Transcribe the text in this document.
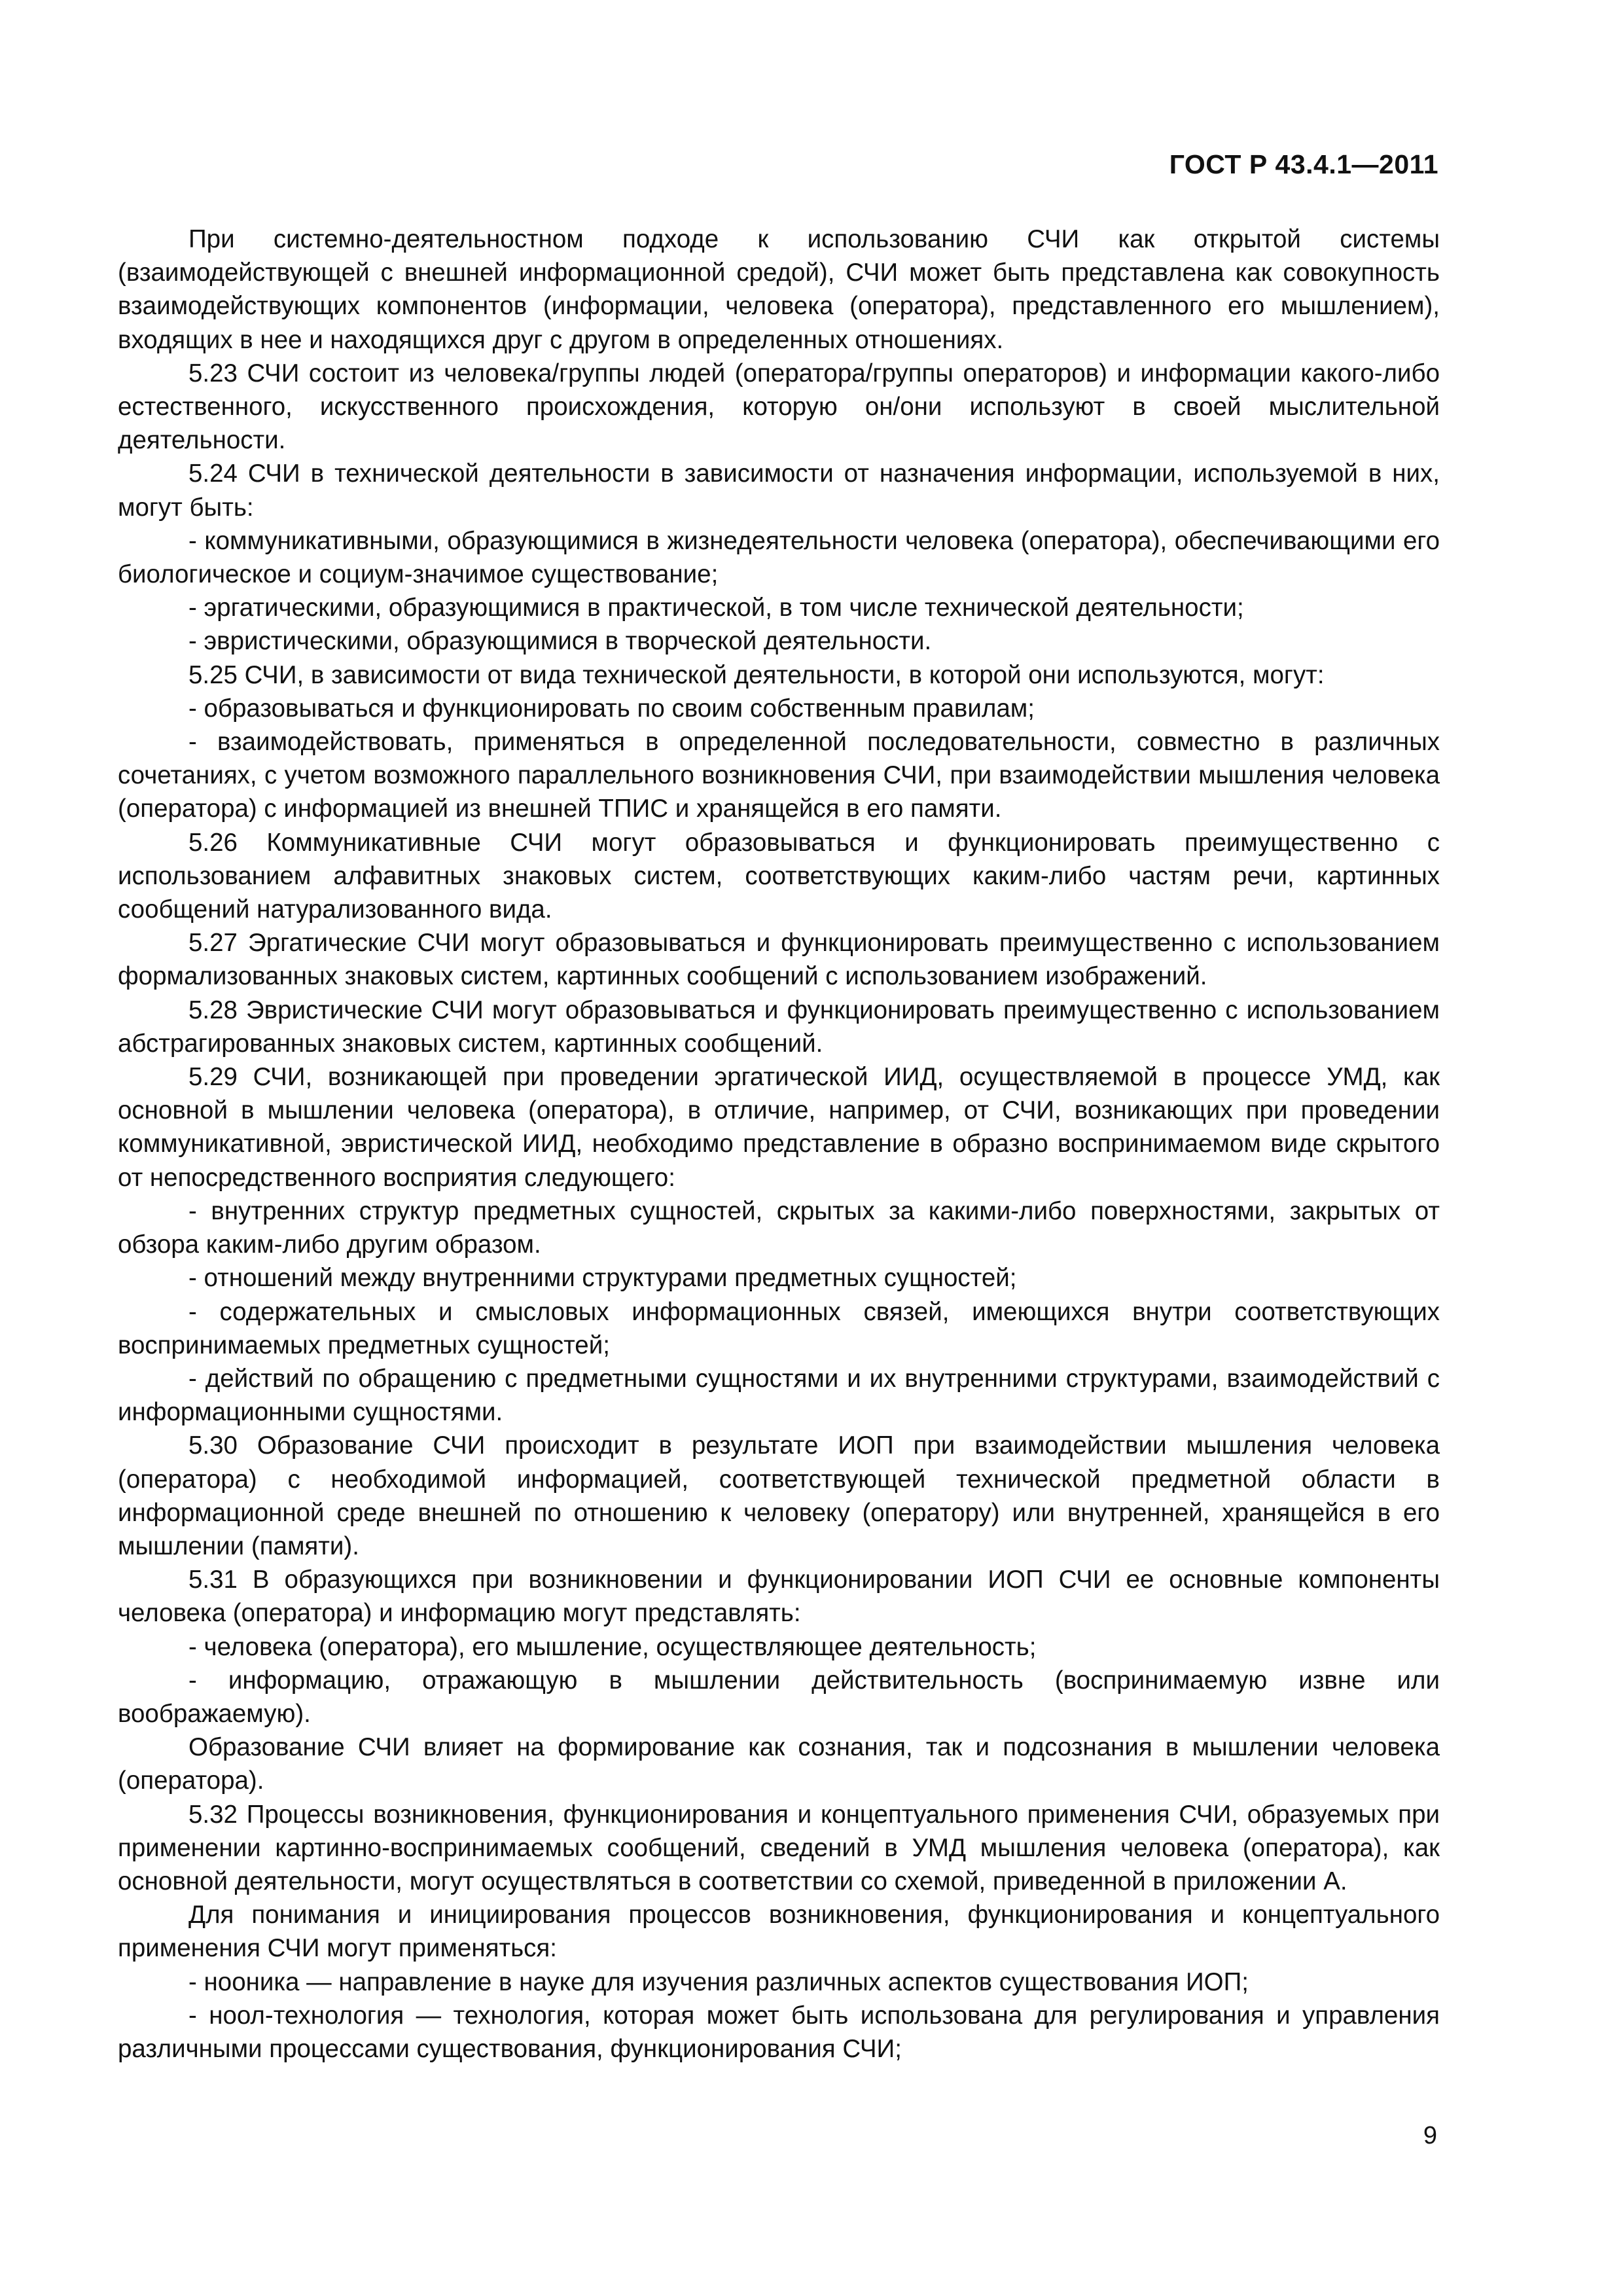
ГОСТ Р 43.4.1—2011

При системно-деятельностном подходе к использованию СЧИ как открытой системы (взаимодействующей с внешней информационной средой), СЧИ может быть представлена как совокупность взаимодействующих компонентов (информации, человека (оператора), представленного его мышлением), входящих в нее и находящихся друг с другом в определенных отношениях.

5.23 СЧИ состоит из человека/группы людей (оператора/группы операторов) и информации какого-либо естественного, искусственного происхождения, которую он/они используют в своей мыслительной деятельности.

5.24 СЧИ в технической деятельности в зависимости от назначения информации, используемой в них, могут быть:

- коммуникативными, образующимися в жизнедеятельности человека (оператора), обеспечивающими его биологическое и социум-значимое существование;

- эргатическими, образующимися в практической, в том числе технической деятельности;

- эвристическими, образующимися в творческой деятельности.

5.25 СЧИ, в зависимости от вида технической деятельности, в которой они используются, могут:

- образовываться и функционировать по своим собственным правилам;

- взаимодействовать, применяться в определенной последовательности, совместно в различных сочетаниях, с учетом возможного параллельного возникновения СЧИ, при взаимодействии мышления человека (оператора) с информацией из внешней ТПИС и хранящейся в его памяти.

5.26 Коммуникативные СЧИ могут образовываться и функционировать преимущественно с использованием алфавитных знаковых систем, соответствующих каким-либо частям речи, картинных сообщений натурализованного вида.

5.27 Эргатические СЧИ могут образовываться и функционировать преимущественно с использованием формализованных знаковых систем, картинных сообщений с использованием изображений.

5.28 Эвристические СЧИ могут образовываться и функционировать преимущественно с использованием абстрагированных знаковых систем, картинных сообщений.

5.29 СЧИ, возникающей при проведении эргатической ИИД, осуществляемой в процессе УМД, как основной в мышлении человека (оператора), в отличие, например, от СЧИ, возникающих при проведении коммуникативной, эвристической ИИД, необходимо представление в образно воспринимаемом виде скрытого от непосредственного восприятия следующего:

- внутренних структур предметных сущностей, скрытых за какими-либо поверхностями, закрытых от обзора каким-либо другим образом.

- отношений между внутренними структурами предметных сущностей;

- содержательных и смысловых информационных связей, имеющихся внутри соответствующих воспринимаемых предметных сущностей;

- действий по обращению с предметными сущностями и их внутренними структурами, взаимодействий с информационными сущностями.

5.30 Образование СЧИ происходит в результате ИОП при взаимодействии мышления человека (оператора) с необходимой информацией, соответствующей технической предметной области в информационной среде внешней по отношению к человеку (оператору) или внутренней, хранящейся в его мышлении (памяти).

5.31 В образующихся при возникновении и функционировании ИОП СЧИ ее основные компоненты человека (оператора) и информацию могут представлять:

- человека (оператора), его мышление, осуществляющее деятельность;

- информацию, отражающую в мышлении действительность (воспринимаемую извне или воображаемую).

Образование СЧИ влияет на формирование как сознания, так и подсознания в мышлении человека (оператора).

5.32 Процессы возникновения, функционирования и концептуального применения СЧИ, образуемых при применении картинно-воспринимаемых сообщений, сведений в УМД мышления человека (оператора), как основной деятельности, могут осуществляться в соответствии со схемой, приведенной в приложении А.

Для понимания и инициирования процессов возникновения, функционирования и концептуального применения СЧИ могут применяться:

- нооника — направление в науке для изучения различных аспектов существования ИОП;

- ноол-технология — технология, которая может быть использована для регулирования и управления различными процессами существования, функционирования СЧИ;

9
